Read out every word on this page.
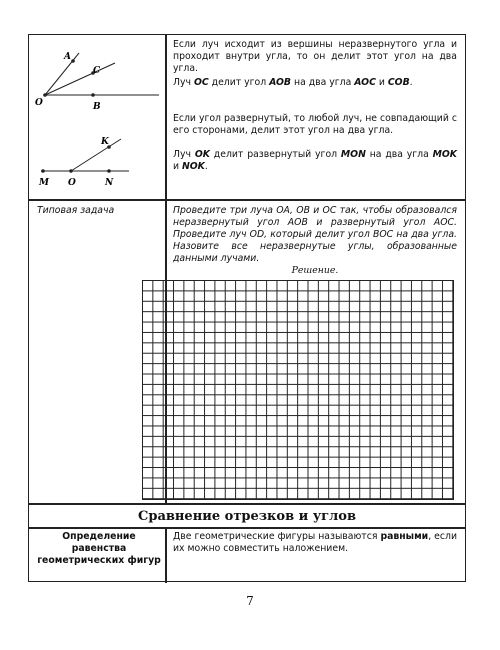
A
C
O	B
K
M O	N
Если луч исходит из вершины неразвернутого угла и проходит внутри угла, то он делит этот угол на два угла.
Луч OC делит угол AOB на два угла AOC и COB.
Если угол развернутый, то любой луч, не совпадающий с его сторонами, делит этот угол на два угла.
Луч OK делит развернутый угол MON на два угла MOK и NOK.
Типовая задача	Проведите три луча OA, OB и OC так, чтобы образовался неразвернутый угол AOB и развернутый угол AOC. Проведите луч OD, который делит угол BOC на два угла. Назовите все неразвернутые углы, образованные данными лучами.
Решение.
Сравнение отрезков и углов
Определение равенства геометрических фигур
Две геометрические фигуры называются равными, если их можно совместить наложением.
7
